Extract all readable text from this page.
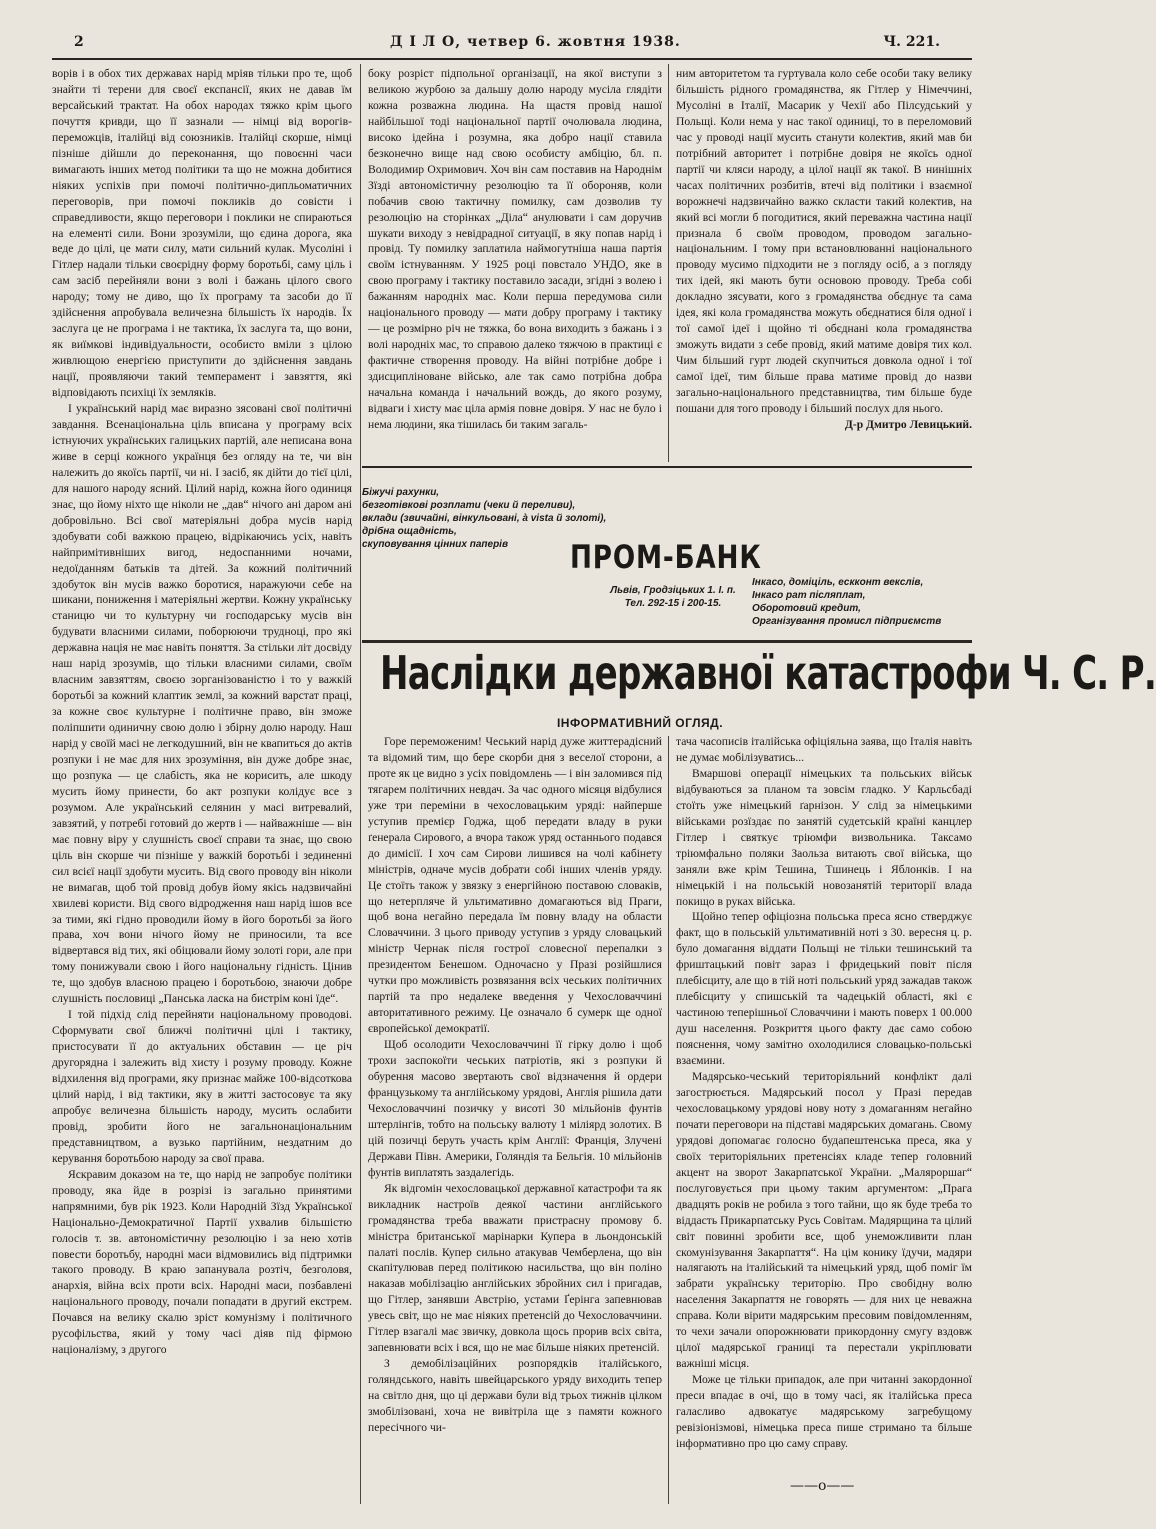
2	Д І Л О, четвер 6. жовтня 1938.	Ч. 221.

ворів і в обох тих державах нарід мріяв тільки про те, щоб знайти ті терени для своєї експансії, яких не давав їм версайський трактат. На обох народах тяжко крім цього почуття кривди, що її зазнали — німці від ворогів-переможців, італійці від союзників. Італійці скорше, німці пізніше дійшли до переконання, що повоєнні часи вимагають інших метод політики та що не можна добитися ніяких успіхів при помочі політично-дипльоматичних переговорів, при помочі покликів до совісти і справедливости, якщо переговори і поклики не спираються на елементі сили. Вони зрозуміли, що єдина дорога, яка веде до цілі, це мати силу, мати сильний кулак. Мусоліні і Гітлер надали тільки своєрідну форму боротьбі, саму ціль і сам засіб перейняли вони з волі і бажань цілого свого народу; тому не диво, що їх програму та засоби до її здійснення апробувала величезна більшість їх народів. Їх заслуга це не програма і не тактика, їх заслуга та, що вони, як виїмкові індивідуальности, особисто вміли з цілою живлющою енергією приступити до здійснення завдань нації, проявляючи такий темперамент і завзяття, які відповідають психіці їх земляків.

І український нарід має виразно зясовані свої політичні завдання. Всенаціональна ціль вписана у програму всіх істнуючих українських галицьких партій, але неписана вона живе в серці кожного українця без огляду на те, чи він належить до якоїсь партії, чи ні. І засіб, як дійти до тієї цілі, для нашого народу ясний. Цілий нарід, кожна його одиниця знає, що йому ніхто ще ніколи не „дав“ нічого ані даром ані добровільно. Всі свої матеріяльні добра мусів нарід здобувати собі важкою працею, відрікаючись усіх, навіть найпримітивніших вигод, недоспанними ночами, недоїданням батьків та дітей. За кожний політичний здобуток він мусів важко боротися, наражуючи себе на шикани, пониження і матеріяльні жертви. Кожну українську станицю чи то культурну чи господарську мусів він будувати власними силами, поборюючи трудноці, про які державна нація не має навіть поняття. За стільки літ досвіду наш нарід зрозумів, що тільки власними силами, своїм власним завзяттям, своєю зорганізованістю і то у важкій боротьбі за кожний клаптик землі, за кожний варстат праці, за кожне своє культурне і політичне право, він зможе поліпшити одиничну свою долю і збірну долю народу. Наш нарід у своїй масі не легкодушний, він не квапиться до актів розпуки і не має для них зрозуміння, він дуже добре знає, що розпука — це слабість, яка не корисить, але шкоду мусить йому принести, бо акт розпуки колідує все з розумом. Але український селянин у масі витревалий, завзятий, у потребі готовий до жертв і — найважніше — він має повну віру у слушність своєї справи та знає, що свою ціль він скорше чи пізніше у важкій боротьбі і зединенні сил всієї нації здобути мусить. Від свого проводу він ніколи не вимагав, щоб той провід добув йому якісь надзвичайні хвилеві користи. Від свого відродження наш нарід ішов все за тими, які гідно проводили йому в його боротьбі за його права, хоч вони нічого йому не приносили, та все відвертався від тих, які обіцювали йому золоті гори, але при тому понижували свою і його національну гідність. Цінив те, що здобув власною працею і боротьбою, знаючи добре слушність пословиці „Панська ласка на бистрім коні їде“.

І той підхід слід перейняти національному проводові. Сформувати свої ближчі політичні цілі і тактику, пристосувати її до актуальних обставин — це річ другорядна і залежить від хисту і розуму проводу. Кожне відхилення від програми, яку признає майже 100-відсоткова цілий нарід, і від тактики, яку в житті застосовує та яку апробує величезна більшість народу, мусить ослабити провід, зробити його не загальнонаціональним представництвом, а вузько партійним, нездатним до керування боротьбою народу за свої права.

Яскравим доказом на те, що нарід не запробує політики проводу, яка йде в розрізі із загально принятими напрямними, був рік 1923. Коли Народній Зїзд Української Національно-Демократичної Партії ухвалив більшістю голосів т. зв. автономістичну резолюцію і за нею хотів повести боротьбу, народні маси відмовились від підтримки такого проводу. В краю запанувала розтіч, безголовя, анархія, війна всіх проти всіх. Народні маси, позбавлені національного проводу, почали попадати в другий екстрем. Почався на велику скалю зріст комунізму і політичного русофільства, який у тому часі діяв під фірмою націоналізму, з другого

боку розріст підпольної організації, на якої виступи з великою журбою за дальшу долю народу мусіла глядіти кожна розважна людина. На щастя провід нашої найбільшої тоді національної партії очолювала людина, високо ідейна і розумна, яка добро нації ставила безконечно вище над свою особисту амбіцію, бл. п. Володимир Охримович. Хоч він сам поставив на Народнім Зїзді автономістичну резолюцію та її обороняв, коли побачив свою тактичну помилку, сам дозволив ту резолюцію на сторінках „Діла“ анулювати і сам доручив шукати виходу з невідрадної ситуації, в яку попав нарід і провід. Ту помилку заплатила наймогутніша наша партія своїм істнуванням. У 1925 році повстало УНДО, яке в свою програму і тактику поставило засади, згідні з волею і бажанням народніх мас. Коли перша передумова сили національного проводу — мати добру програму і тактику — це розмірно річ не тяжка, бо вона виходить з бажань і з волі народніх мас, то справою далеко тяжчою в практиці є фактичне створення проводу. На війні потрібне добре і здисципліноване військо, але так само потрібна добра начальна команда і начальний вождь, до якого розуму, відваги і хисту має ціла армія повне довіря. У нас не було і нема людини, яка тішилась би таким загаль-

ним авторитетом та гуртувала коло себе особи таку велику більшість рідного громадянства, як Гітлер у Німеччині, Мусоліні в Італії, Масарик у Чехії або Пілсудський у Польщі. Коли нема у нас такої одиниці, то в переломовий час у проводі нації мусить станути колектив, який мав би потрібний авторитет і потрібне довіря не якоїсь одної партії чи кляси народу, а цілої нації як такої. В нинішніх часах політичних розбитів, втечі від політики і взаємної ворожнечі надзвичайно важко скласти такий колектив, на який всі могли б погодитися, який переважна частина нації признала б своїм проводом, проводом загально-національним. І тому при встановлюванні національного проводу мусимо підходити не з погляду осіб, а з погляду тих ідей, які мають бути основою проводу. Треба собі докладно зясувати, кого з громадянства обєднує та сама ідея, які кола громадянства можуть обєднатися біля одної і тої самої ідеї і щойно ті обєднані кола громадянства зможуть видати з себе провід, який матиме довіря тих кол. Чим більший гурт людей скупчиться довкола одної і тої самої ідеї, тим більше права матиме провід до назви загально-національного представництва, тим більше буде пошани для того проводу і більший послух для нього.

Д-р Дмитро Левицький.

Біжучі рахунки,
безготівкові розплати (чеки й переливи),
вклади (звичайні, вінкульовані, à vista й золоті),
дрібна ощадність,
скуповування цінних паперів	ПРОМ-БАНК
Львів, Гродзіцьких 1. І. п.
Тел. 292-15 і 200-15.
Інкасо, доміціль, ескконт векслів,
Інкасо рат післяплат,
Оборотовий кредит,
Організування промисл підприємств
Наслідки державної катастрофи Ч. С. Р.
ІНФОРМАТИВНИЙ ОГЛЯД.

Горе переможеним! Чеський нарід дуже життерадісний та відомий тим, що бере скорби дня з веселої сторони, а проте як це видно з усіх повідомлень — і він заломився під тягарем політичних невдач. За час одного місяця відбулися уже три переміни в чехословацьким уряді: найперше уступив премієр Годжа, щоб передати владу в руки ґенерала Сирового, а вчора також уряд останнього подався до димісії. І хоч сам Сирови лишився на чолі кабінету міністрів, одначе мусів добрати собі інших членів уряду. Це стоїть також у звязку з енергійною поставою словаків, що нетерпляче й ультимативно домагаються від Праги, щоб вона негайно передала їм повну владу на области Словаччини. З цього приводу уступив з уряду словацький міністр Чернак після гострої словесної перепалки з президентом Бенешом. Одночасно у Празі розійшлися чутки про можливість розвязання всіх чеських політичних партій та про недалеке введення у Чехословаччині авторитативного режиму. Це означало б сумерк ще одної європейської демократії.

Щоб осолодити Чехословаччині її гірку долю і щоб трохи заспокоїти чеських патріотів, які з розпуки й обурення масово звертають свої відзначення й ордери французькому та англійському урядові, Англія рішила дати Чехословаччині позичку у висоті 30 мільйонів фунтів штерлінгів, тобто на польську валюту 1 міліярд золотих. В цій позичці беруть участь крім Англії: Франція, Злучені Держави Півн. Америки, Голяндія та Бельгія. 10 мільйонів фунтів виплатять заздалегідь.

Як відгомін чехословацької державної катастрофи та як викладник настроїв деякої частини англійського громадянства треба вважати пристрасну промову б. міністра британської марінарки Купера в льондонській палаті послів. Купер сильно атакував Чемберлена, що він скапітулював перед політикою насильства, що він поліно наказав мобілізацію англійських збройних сил і пригадав, що Гітлер, занявши Австрію, устами Ґерінга запевнював увесь світ, що не має ніяких претенсій до Чехословаччини. Гітлер взагалі має звичку, довкола щось прорив всіх світа, запевнювати всіх і вся, що не має більше ніяких претенсій.

З демобілізаційних розпорядків італійського, голяндського, навіть швейцарського уряду виходить тепер на світло дня, що ці держави були від трьох тижнів цілком змобілізовані, хоча не вивітріла ще з памяти кожного пересічного чи-

тача часописів італійська офіціяльна заява, що Італія навіть не думає мобілізуватись...

Вмаршові операції німецьких та польських військ відбуваються за планом та зовсім гладко. У Карльсбаді стоїть уже німецький ґарнізон. У слід за німецькими військами розїздає по занятій судетській країні канцлер Гітлер і святкує тріюмфи визвольника. Таксамо тріюмфально поляки Заольза витають свої війська, що заняли вже крім Тешина, Тшинець і Яблонків. І на німецькій і на польській новозанятій території влада покищо в руках війська.

Щойно тепер офіціозна польська преса ясно стверджує факт, що в польській ультимативній ноті з 30. вересня ц. р. було домагання віддати Польщі не тільки тешинський та фриштацький повіт зараз і фридецький повіт після плебісциту, але що в тій ноті польський уряд зажадав також плебісциту у спишській та чадецькій області, які є частиною теперішньої Словаччини і мають поверх 1 00.000 душ населення. Розкриття цього факту дає само собою пояснення, чому замітно охолодилися словацько-польські взаємини.

Мадярсько-чеський територіяльний конфлікт далі загострюється. Мадярський посол у Празі передав чехословацькому урядові нову ноту з домаганням негайно почати переговори на підставі мадярських домагань. Свому урядові допомагає голосно будапештенська преса, яка у своїх територіяльних претенсіях кладе тепер головний акцент на зворот Закарпатської України. „Маляроршаг“ послуговується при цьому таким аргументом: „Прага двадцять років не робила з того тайни, що як буде треба то віддасть Прикарпатську Русь Совітам. Мадярщина та цілий світ повинні зробити все, щоб унеможливити план скомунізування Закарпаття“. На цім конику їдучи, мадяри налягають на італійський та німецький уряд, щоб поміг їм забрати українську територію. Про свобідну волю населення Закарпаття не говорять — для них це неважна справа. Коли вірити мадярським пресовим повідомленням, то чехи зачали опорожнювати прикордонну смугу вздовж цілої мадярської границі та перестали укріплювати важніші місця.

Може це тільки припадок, але при читанні закордонної преси впадає в очі, що в тому часі, як італійська преса галасливо адвокатує мадярському загребущому ревізіонізмові, німецька преса пише стримано та більше інформативно про цю саму справу.

——o——
